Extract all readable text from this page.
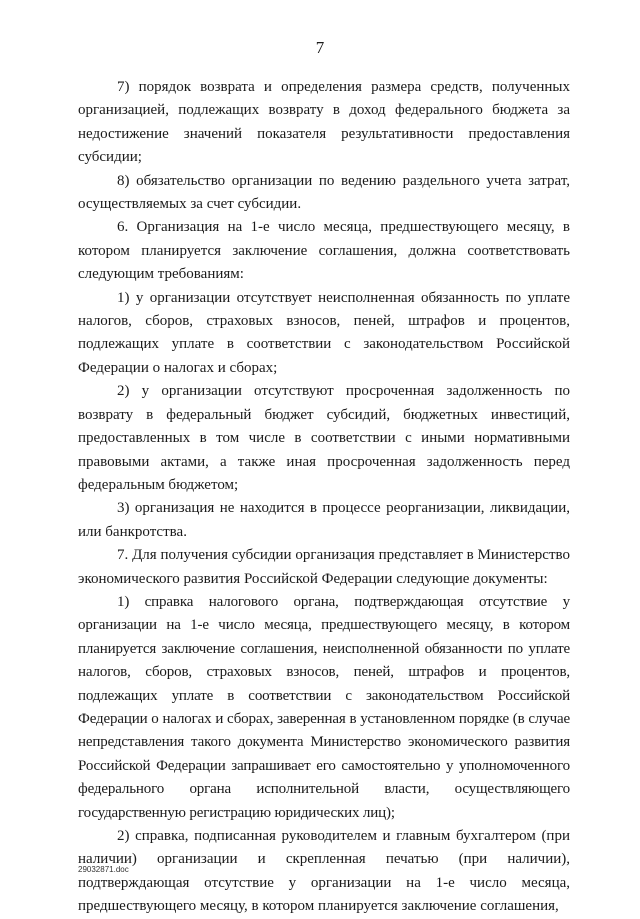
7

7) порядок возврата и определения размера средств, полученных организацией, подлежащих возврату в доход федерального бюджета за недостижение значений показателя результативности предоставления субсидии;

8) обязательство организации по ведению раздельного учета затрат, осуществляемых за счет субсидии.

6. Организация на 1-е число месяца, предшествующего месяцу, в котором планируется заключение соглашения, должна соответствовать следующим требованиям:

1) у организации отсутствует неисполненная обязанность по уплате налогов, сборов, страховых взносов, пеней, штрафов и процентов, подлежащих уплате в соответствии с законодательством Российской Федерации о налогах и сборах;

2) у организации отсутствуют просроченная задолженность по возврату в федеральный бюджет субсидий, бюджетных инвестиций, предоставленных в том числе в соответствии с иными нормативными правовыми актами, а также иная просроченная задолженность перед федеральным бюджетом;

3) организация не находится в процессе реорганизации, ликвидации, или банкротства.

7. Для получения субсидии организация представляет в Министерство экономического развития Российской Федерации следующие документы:

1) справка налогового органа, подтверждающая отсутствие у организации на 1-е число месяца, предшествующего месяцу, в котором планируется заключение соглашения, неисполненной обязанности по уплате налогов, сборов, страховых взносов, пеней, штрафов и процентов, подлежащих уплате в соответствии с законодательством Российской Федерации о налогах и сборах, заверенная в установленном порядке (в случае непредставления такого документа Министерство экономического развития Российской Федерации запрашивает его самостоятельно у уполномоченного федерального органа исполнительной власти, осуществляющего государственную регистрацию юридических лиц);

2) справка, подписанная руководителем и главным бухгалтером (при наличии) организации и скрепленная печатью (при наличии), подтверждающая отсутствие у организации на 1-е число месяца, предшествующего месяцу, в котором планируется заключение соглашения,

29032871.doc
